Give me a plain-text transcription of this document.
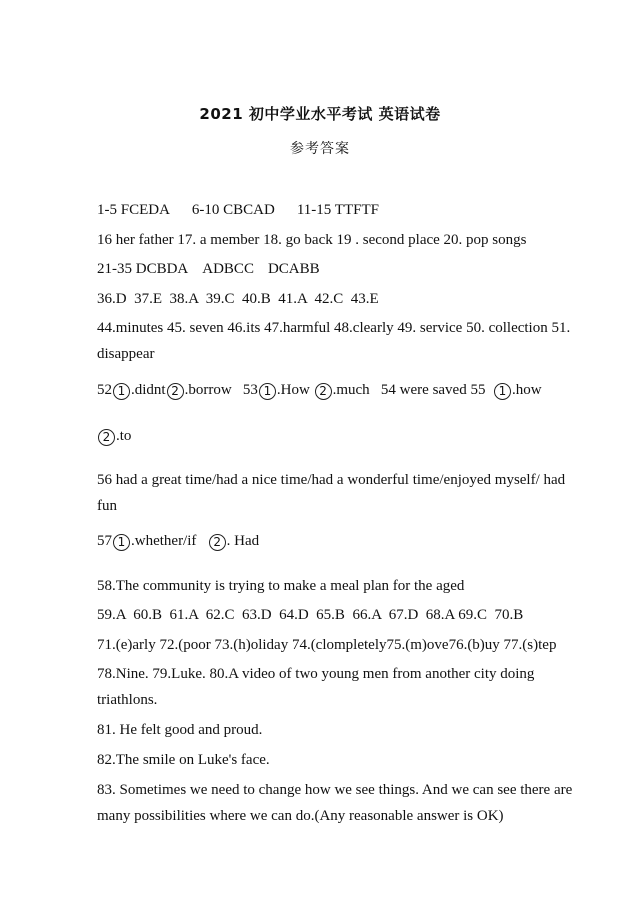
2021 初中学业水平考试 英语试卷
参考答案
1-5 FCEDA 6-10 CBCAD 11-15 TTFTF
16 her father 17. a member 18. go back 19 . second place 20. pop songs
21-35 DCBDA ADBCC DCABB
36.D  37.E  38.A  39.C  40.B  41.A  42.C  43.E
44.minutes 45. seven 46.its 47.harmful 48.clearly 49. service 50. collection 51. disappear
52 1 .didnt 2 .borrow 53 1 .How 2 .much 54 were saved 55 1 .how
2 .to
56 had a great time/had a nice time/had a wonderful time/enjoyed myself/ had fun
57 1 .whether/if 2 . Had
58.The community is trying to make a meal plan for the aged
59.A  60.B  61.A  62.C  63.D  64.D  65.B  66.A  67.D  68.A 69.C  70.B
71.(e)arly 72.(poor 73.(h)oliday 74.(clompletely75.(m)ove76.(b)uy 77.(s)tep
78.Nine. 79.Luke. 80.A video of two young men from another city doing triathlons.
81. He felt good and proud.
82.The smile on Luke's face.
83. Sometimes we need to change how we see things. And we can see there are many possibilities where we can do.(Any reasonable answer is OK)
